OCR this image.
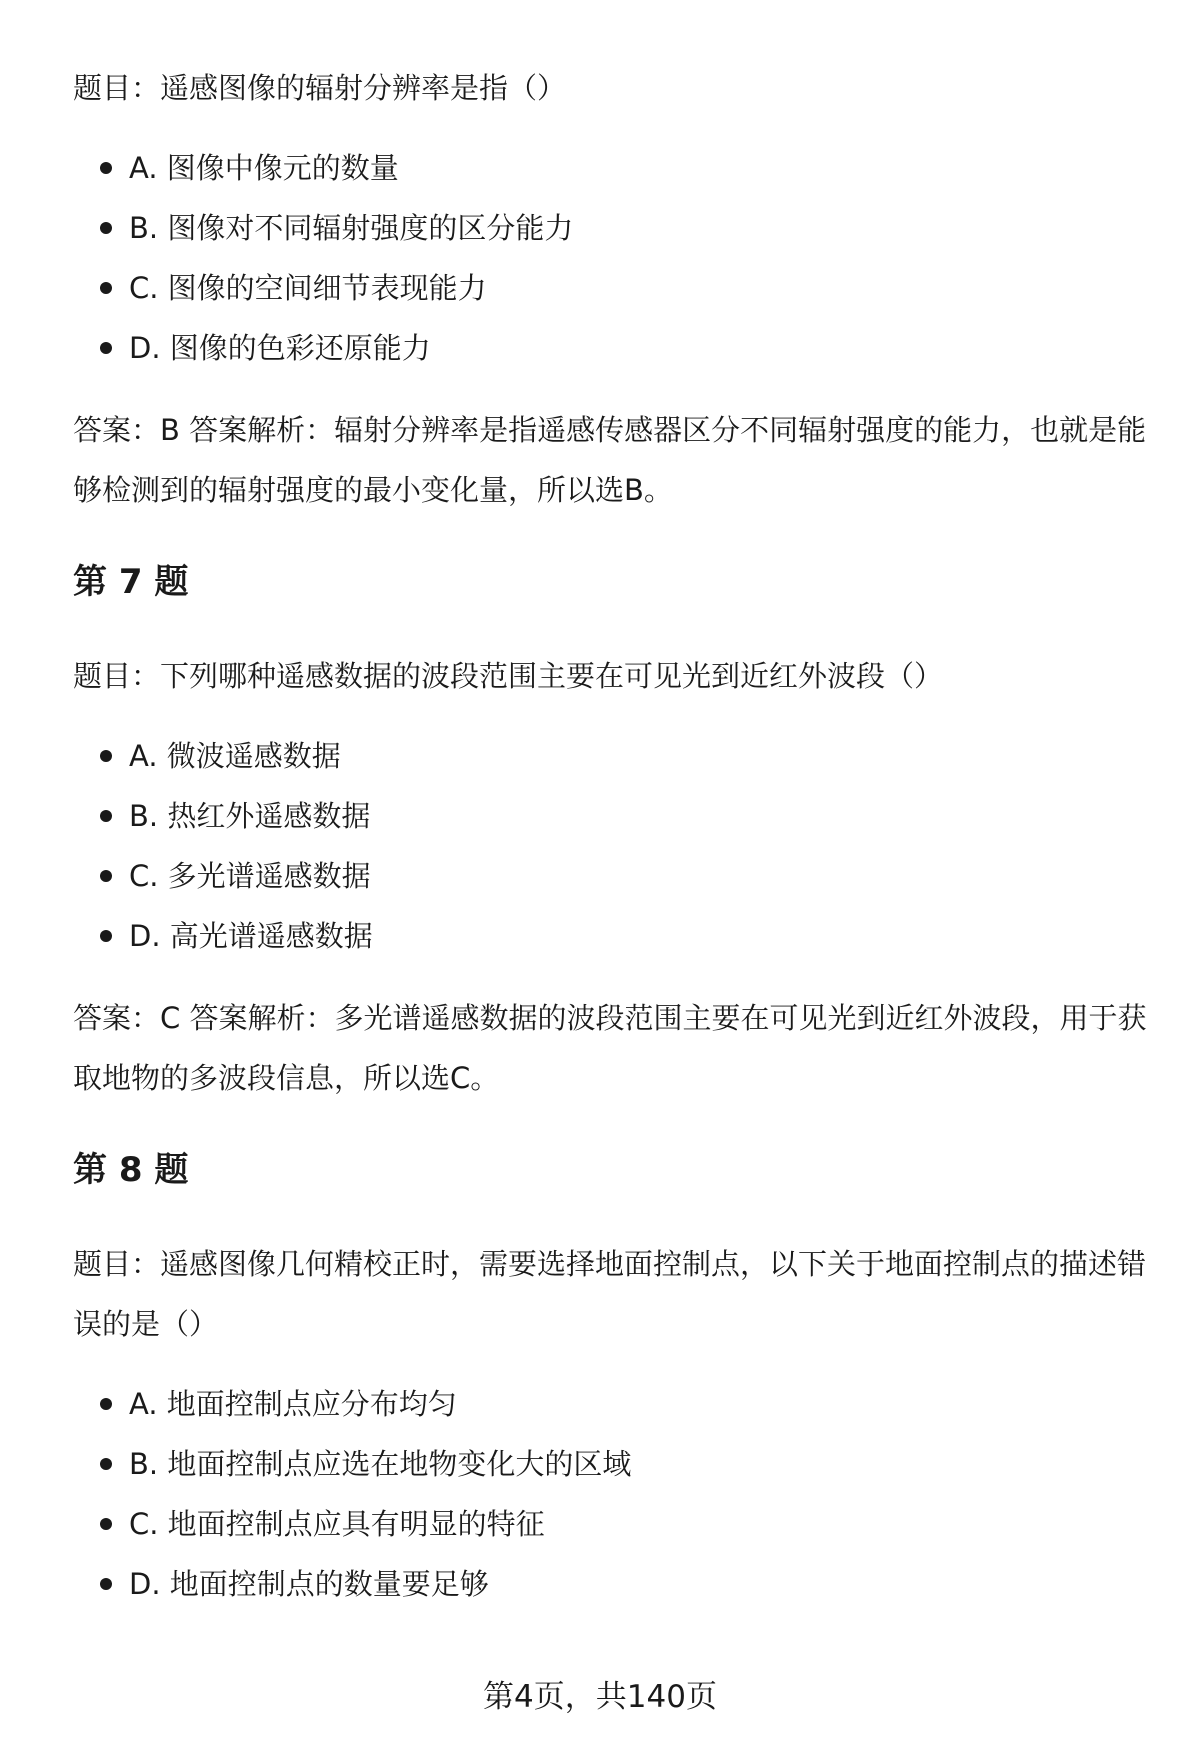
题目：遥感图像的辐射分辨率是指（）

A. 图像中像元的数量
B. 图像对不同辐射强度的区分能力
C. 图像的空间细节表现能力
D. 图像的色彩还原能力

答案：B 答案解析：辐射分辨率是指遥感传感器区分不同辐射强度的能力，也就是能够检测到的辐射强度的最小变化量，所以选B。

第 7 题

题目：下列哪种遥感数据的波段范围主要在可见光到近红外波段（）

A. 微波遥感数据
B. 热红外遥感数据
C. 多光谱遥感数据
D. 高光谱遥感数据

答案：C 答案解析：多光谱遥感数据的波段范围主要在可见光到近红外波段，用于获取地物的多波段信息，所以选C。

第 8 题

题目：遥感图像几何精校正时，需要选择地面控制点，以下关于地面控制点的描述错误的是（）

A. 地面控制点应分布均匀
B. 地面控制点应选在地物变化大的区域
C. 地面控制点应具有明显的特征
D. 地面控制点的数量要足够
第4页，共140页
